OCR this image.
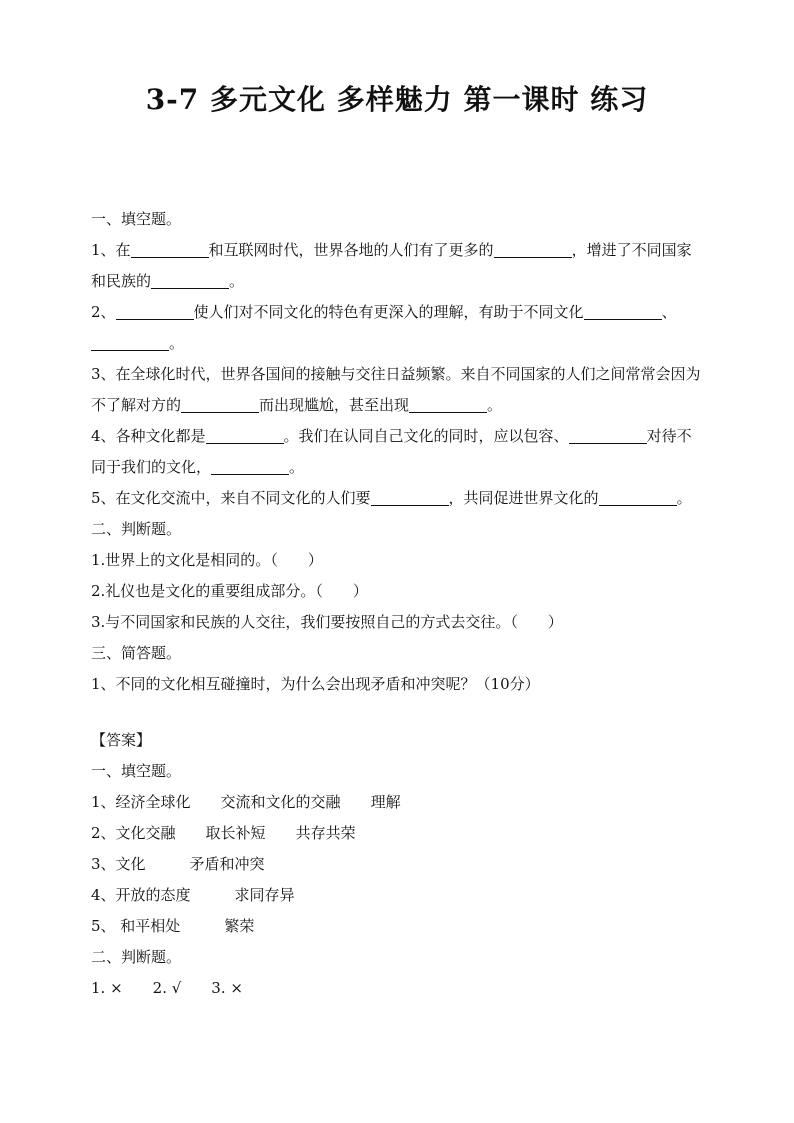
3-7 多元文化 多样魅力 第一课时 练习
一、填空题。
1、在	和互联网时代，世界各地的人们有了更多的	，增进了不同国家和民族的	。
2、	使人们对不同文化的特色有更深入的理解，有助于不同文化	、。
3、在全球化时代，世界各国间的接触与交往日益频繁。来自不同国家的人们之间常常会因为不了解对方的	而出现尴尬，甚至出现	。
4、各种文化都是	。我们在认同自己文化的同时，应以包容、	对待不同于我们的文化，	。
5、在文化交流中，来自不同文化的人们要	，共同促进世界文化的	。
二、判断题。
1.世界上的文化是相同的。（　　）
2.礼仪也是文化的重要组成部分。（　　）
3.与不同国家和民族的人交往，我们要按照自己的方式去交往。（　　）
三、简答题。
1、不同的文化相互碰撞时，为什么会出现矛盾和冲突呢？（10分）
【答案】
一、填空题。
1、经济全球化 交流和文化的交融 理解
2、文化交融 取长补短 共存共荣
3、文化	矛盾和冲突
4、开放的态度	求同存异
5、 和平相处	繁荣
二、判断题。
1. × 2. √ 3. ×
